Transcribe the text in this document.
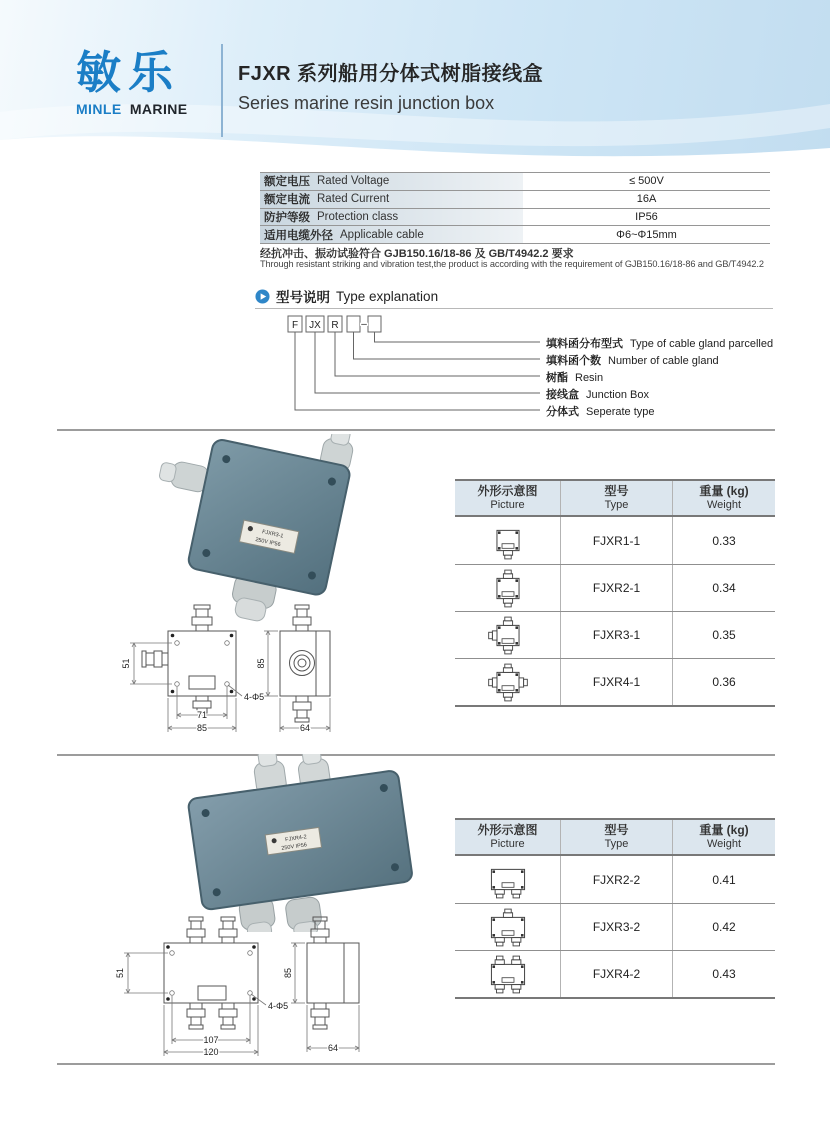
敏乐
MINLE MARINE
FJXR 系列船用分体式树脂接线盒
Series marine resin junction box
额定电压 Rated Voltage	≤ 500V
额定电流 Rated Current	16A
防护等级 Protection class	IP56
适用电缆外径 Applicable cable	Φ6~Φ15mm
经抗冲击、振动试验符合 GJB150.16/18-86 及 GB/T4942.2 要求
Through resistant striking and vibration test,the product is according with the requirement of GJB150.16/18-86 and GB/T4942.2
型号说明 Type explanation
F JX R –
填料函分布型式 Type of cable gland parcelled
填料函个数 Number of cable gland
树酯 Resin
接线盒 Junction Box
分体式 Seperate type
FJXR3-1
250V IP56
51
71
85
4-Φ5
85
64
外形示意图
Picture
型号
Type
重量 (kg)
Weight
FJXR1-1	0.33
FJXR2-1	0.34
FJXR3-1	0.35
FJXR4-1	0.36
FJXR4-2
250V IP56
51
107
120
4-Φ5
85
64
外形示意图
Picture
型号
Type
重量 (kg)
Weight
FJXR2-2	0.41
FJXR3-2	0.42
FJXR4-2	0.43
